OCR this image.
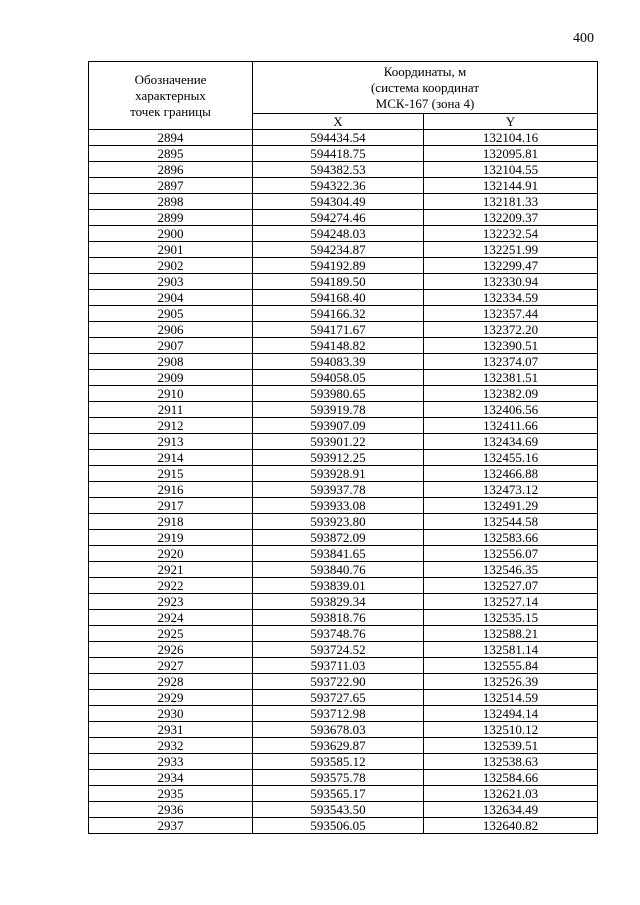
400
Обозначение
характерных
точек границы	Координаты, м
(система координат
МСК-167 (зона 4)	

	X	Y
2894	594434.54	132104.16
2895	594418.75	132095.81
2896	594382.53	132104.55
2897	594322.36	132144.91
2898	594304.49	132181.33
2899	594274.46	132209.37
2900	594248.03	132232.54
2901	594234.87	132251.99
2902	594192.89	132299.47
2903	594189.50	132330.94
2904	594168.40	132334.59
2905	594166.32	132357.44
2906	594171.67	132372.20
2907	594148.82	132390.51
2908	594083.39	132374.07
2909	594058.05	132381.51
2910	593980.65	132382.09
2911	593919.78	132406.56
2912	593907.09	132411.66
2913	593901.22	132434.69
2914	593912.25	132455.16
2915	593928.91	132466.88
2916	593937.78	132473.12
2917	593933.08	132491.29
2918	593923.80	132544.58
2919	593872.09	132583.66
2920	593841.65	132556.07
2921	593840.76	132546.35
2922	593839.01	132527.07
2923	593829.34	132527.14
2924	593818.76	132535.15
2925	593748.76	132588.21
2926	593724.52	132581.14
2927	593711.03	132555.84
2928	593722.90	132526.39
2929	593727.65	132514.59
2930	593712.98	132494.14
2931	593678.03	132510.12
2932	593629.87	132539.51
2933	593585.12	132538.63
2934	593575.78	132584.66
2935	593565.17	132621.03
2936	593543.50	132634.49
2937	593506.05	132640.82
